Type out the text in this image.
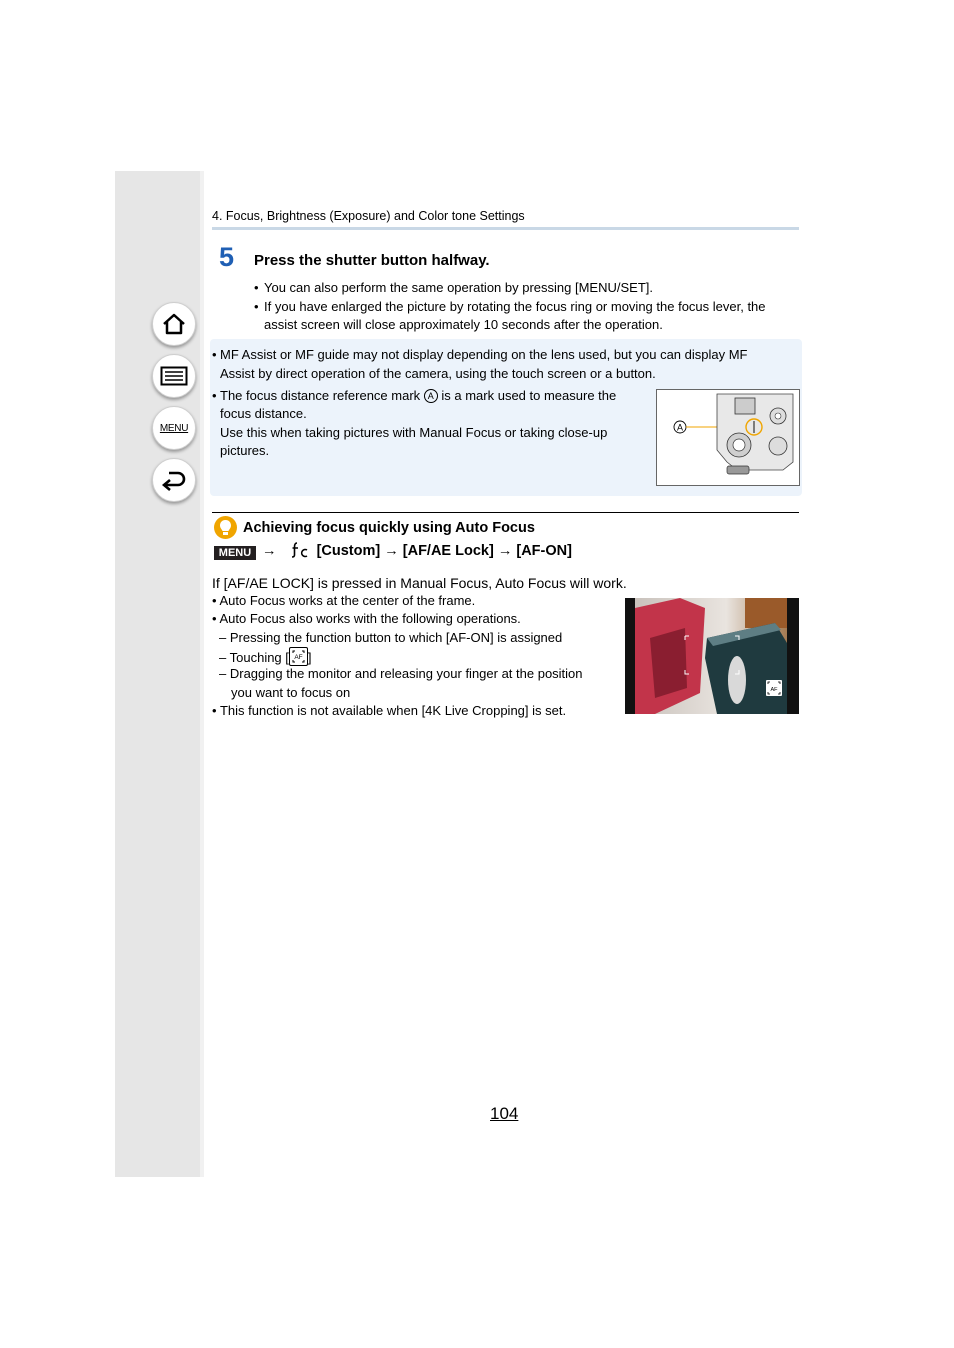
MENU
4. Focus, Brightness (Exposure) and Color tone Settings
5 Press the shutter button halfway.
• You can also perform the same operation by pressing [MENU/SET].
• If you have enlarged the picture by rotating the focus ring or moving the focus lever, the
assist screen will close approximately 10 seconds after the operation.
• MF Assist or MF guide may not display depending on the lens used, but you can display MF
Assist by direct operation of the camera, using the touch screen or a button.
• The focus distance reference mark A is a mark used to measure the
focus distance.
Use this when taking pictures with Manual Focus or taking close-up
pictures.
A
Achieving focus quickly using Auto Focus
MENU →	[Custom] → [AF/AE Lock] → [AF-ON]
If [AF/AE LOCK] is pressed in Manual Focus, Auto Focus will work.
• Auto Focus works at the center of the frame.
• Auto Focus also works with the following operations.
– Pressing the function button to which [AF-ON] is assigned
– Touching [ AF ]
– Dragging the monitor and releasing your finger at the position
you want to focus on
• This function is not available when [4K Live Cropping] is set.
AF
104
